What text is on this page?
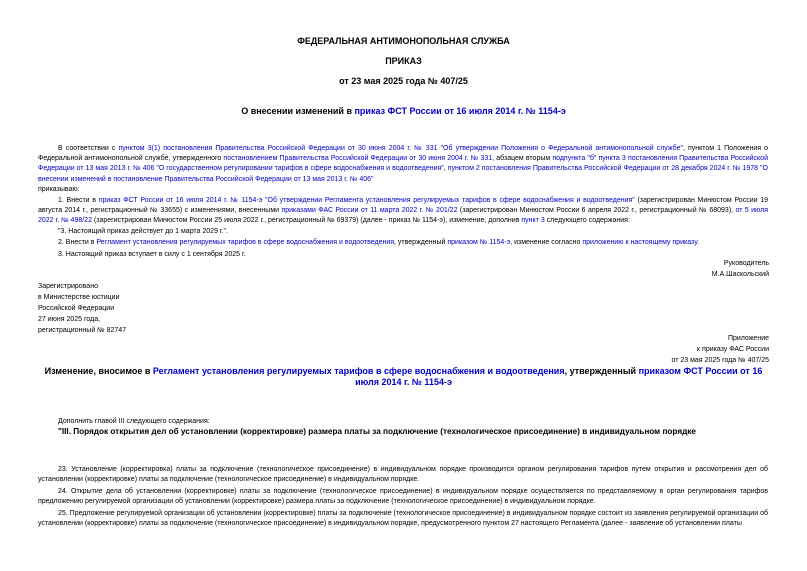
ФЕДЕРАЛЬНАЯ АНТИМОНОПОЛЬНАЯ СЛУЖБА
ПРИКАЗ
от 23 мая 2025 года № 407/25
О внесении изменений в приказ ФСТ России от 16 июля 2014 г. № 1154-э
В соответствии с пунктом 3(1) постановления Правительства Российской Федерации от 30 июня 2004 г. № 331 "Об утверждении Положения о Федеральной антимонопольной службе", пунктом 1 Положения о Федеральной антимонопольной службе, утвержденного постановлением Правительства Российской Федерации от 30 июня 2004 г. № 331, абзацем вторым подпункта "б" пункта 3 постановления Правительства Российской Федерации от 13 мая 2013 г. № 406 "О государственном регулировании тарифов в сфере водоснабжения и водоотведения", пунктом 2 постановления Правительства Российской Федерации от 28 декабря 2024 г. № 1978 "О внесении изменений в постановление Правительства Российской Федерации от 13 мая 2013 г. № 406"
приказываю:
1. Внести в приказ ФСТ России от 16 июля 2014 г. № 1154-э "Об утверждении Регламента установления регулируемых тарифов в сфере водоснабжения и водоотведения" (зарегистрирован Минюстом России 19 августа 2014 г., регистрационный № 33655) с изменениями, внесенными приказами ФАС России от 11 марта 2022 г. № 201/22 (зарегистрирован Минюстом России 6 апреля 2022 г., регистрационный № 68093), от 5 июля 2022 г. № 498/22 (зарегистрирован Минюстом России 25 июля 2022 г., регистрационный № 69379) (далее - приказ № 1154-э), изменение, дополнив пункт 3 следующего содержания:
"3. Настоящий приказ действует до 1 марта 2029 г.".
2. Внести в Регламент установления регулируемых тарифов в сфере водоснабжения и водоотведения, утвержденный приказом № 1154-э, изменение согласно приложению к настоящему приказу.
3. Настоящий приказ вступает в силу с 1 сентября 2025 г.
Руководитель
М.А.Шаскольский
Зарегистрировано
в Министерстве юстиции
Российской Федерации
27 июня 2025 года,
регистрационный № 82747
Приложение
к приказу ФАС России
от 23 мая 2025 года № 407/25
Изменение, вносимое в Регламент установления регулируемых тарифов в сфере водоснабжения и водоотведения, утвержденный приказом ФСТ России от 16
июля 2014 г. № 1154-э
Дополнить главой III следующего содержания:
"III. Порядок открытия дел об установлении (корректировке) размера платы за подключение (технологическое присоединение) в индивидуальном порядке
23. Установление (корректировка) платы за подключение (технологическое присоединение) в индивидуальном порядке производится органом регулирования тарифов путем открытия и рассмотрения дел об установлении (корректировке) платы за подключение (технологическое присоединение) в индивидуальном порядке.
24. Открытие дела об установлении (корректировке) платы за подключение (технологическое присоединение) в индивидуальном порядке осуществляется по представляемому в орган регулирования тарифов предложению регулируемой организации об установлении (корректировке) размера платы за подключение (технологическое присоединение) в индивидуальном порядке.
25. Предложение регулируемой организации об установлении (корректировке) платы за подключение (технологическое присоединение) в индивидуальном порядке состоит из заявления регулируемой организации об установлении (корректировке) платы за подключение (технологическое присоединение) в индивидуальном порядке, предусмотренного пунктом 27 настоящего Регламента (далее - заявление об установлении платы
